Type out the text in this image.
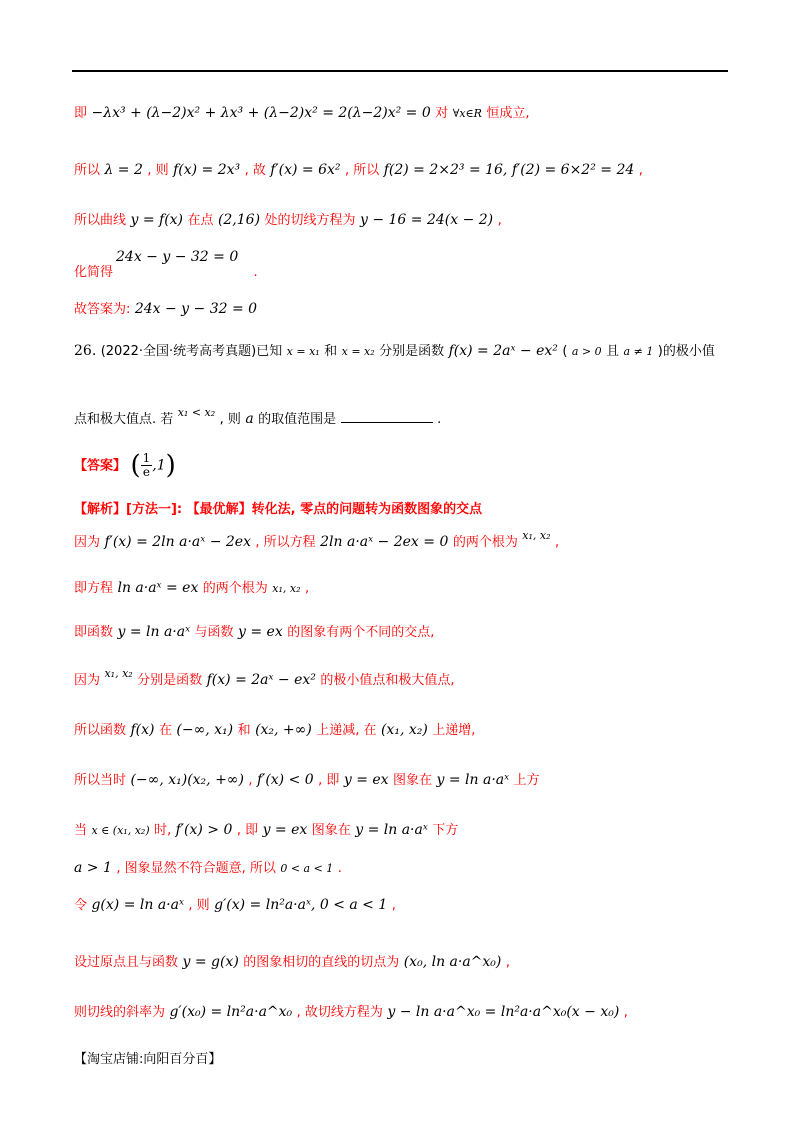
即 −λx³ + (λ−2)x² + λx³ + (λ−2)x² = 2(λ−2)x² = 0 对 ∀x∈R 恒成立,
所以 λ = 2 , 则 f(x) = 2x³ , 故 f′(x) = 6x² , 所以 f(2) = 2×2³ = 16, f′(2) = 6×2² = 24 ,
所以曲线 y = f(x) 在点 (2,16) 处的切线方程为 y − 16 = 24(x − 2) ,
24x − y − 32 = 0
化简得	.
故答案为: 24x − y − 32 = 0
26. (2022·全国·统考高考真题)已知 x = x₁ 和 x = x₂ 分别是函数 f(x) = 2aˣ − ex² ( a > 0 且 a ≠ 1 )的极小值
点和极大值点. 若 $^{x_1 < x_2}$ , 则 a 的取值范围是	.
【答案】 ( $\frac{1}{e} ,1$)
【解析】[方法一]: 【最优解】转化法, 零点的问题转为函数图象的交点
因为 f′(x) = 2ln a·aˣ − 2ex , 所以方程 2ln a·aˣ − 2ex = 0 的两个根为 $^{x_1, x_2}$ ,
即方程 ln a·aˣ = ex 的两个根为 x₁, x₂ ,
即函数 y = ln a·aˣ 与函数 y = ex 的图象有两个不同的交点,
因为 $^{x_1, x_2}$ 分别是函数 f(x) = 2aˣ − ex² 的极小值点和极大值点,
所以函数 f(x) 在 (−∞, x₁) 和 (x₂, +∞) 上递减, 在 (x₁, x₂) 上递增,
所以当时 (−∞, x₁)(x₂, +∞) , f′(x) < 0 , 即 y = ex 图象在 y = ln a·aˣ 上方
当 x ∈ (x₁, x₂) 时, f′(x) > 0 , 即 y = ex 图象在 y = ln a·aˣ 下方
a > 1 , 图象显然不符合题意, 所以 0 < a < 1 .
令 g(x) = ln a·aˣ , 则 g′(x) = ln²a·aˣ, 0 < a < 1 ,
设过原点且与函数 y = g(x) 的图象相切的直线的切点为 (x₀, ln a·a^x₀) ,
则切线的斜率为 g′(x₀) = ln²a·a^x₀ , 故切线方程为 y − ln a·a^x₀ = ln²a·a^x₀(x − x₀) ,
【淘宝店铺:向阳百分百】
